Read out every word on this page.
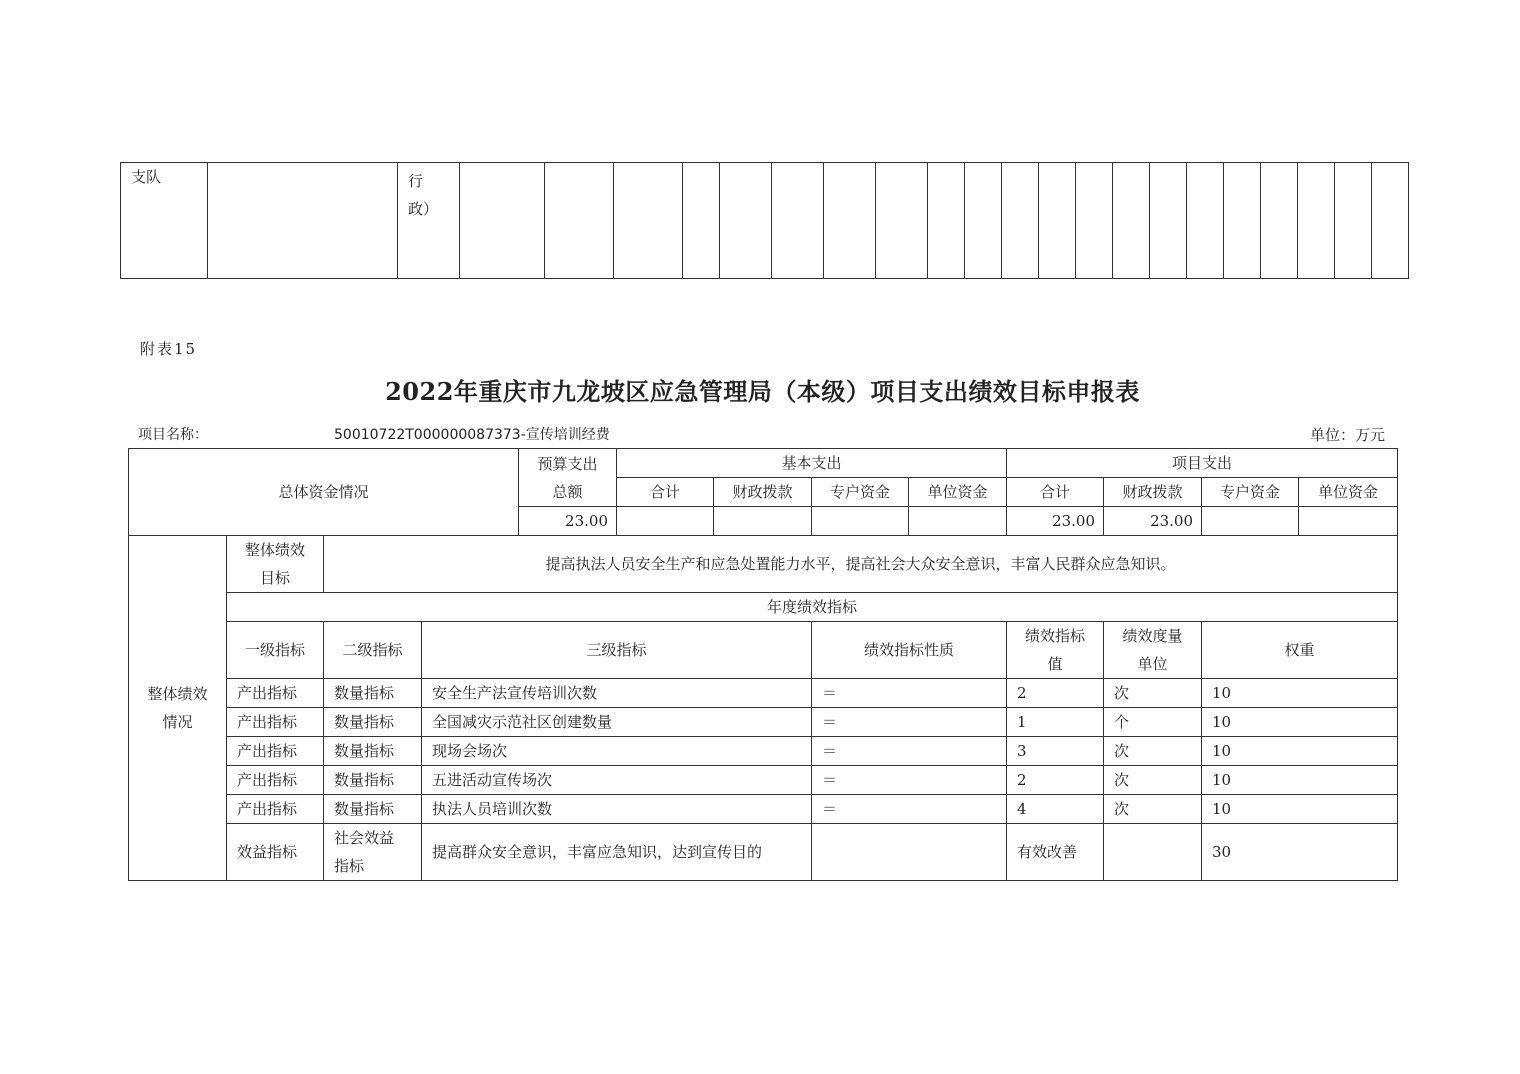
支队		行政）

附表15
2022年重庆市九龙坡区应急管理局（本级）项目支出绩效目标申报表
项目名称：	50010722T000000087373-宣传培训经费	单位：万元
总体资金情况	预算支出总额	基本支出				项目支出			
		合计	财政拨款	专户资金	单位资金	合计	财政拨款	专户资金	单位资金
	23.00					23.00	23.00		
整体绩效情况	整体绩效目标	提高执法人员安全生产和应急处置能力水平，提高社会大众安全意识，丰富人民群众应急知识。					
	年度绩效指标						
	一级指标	二级指标	三级指标	绩效指标性质	绩效指标值	绩效度量单位	权重
	产出指标	数量指标	安全生产法宣传培训次数	＝	2	次	10
	产出指标	数量指标	全国减灾示范社区创建数量	＝	1	个	10
	产出指标	数量指标	现场会场次	＝	3	次	10
	产出指标	数量指标	五进活动宣传场次	＝	2	次	10
	产出指标	数量指标	执法人员培训次数	＝	4	次	10
	效益指标	社会效益指标	提高群众安全意识，丰富应急知识，达到宣传目的		有效改善		30
